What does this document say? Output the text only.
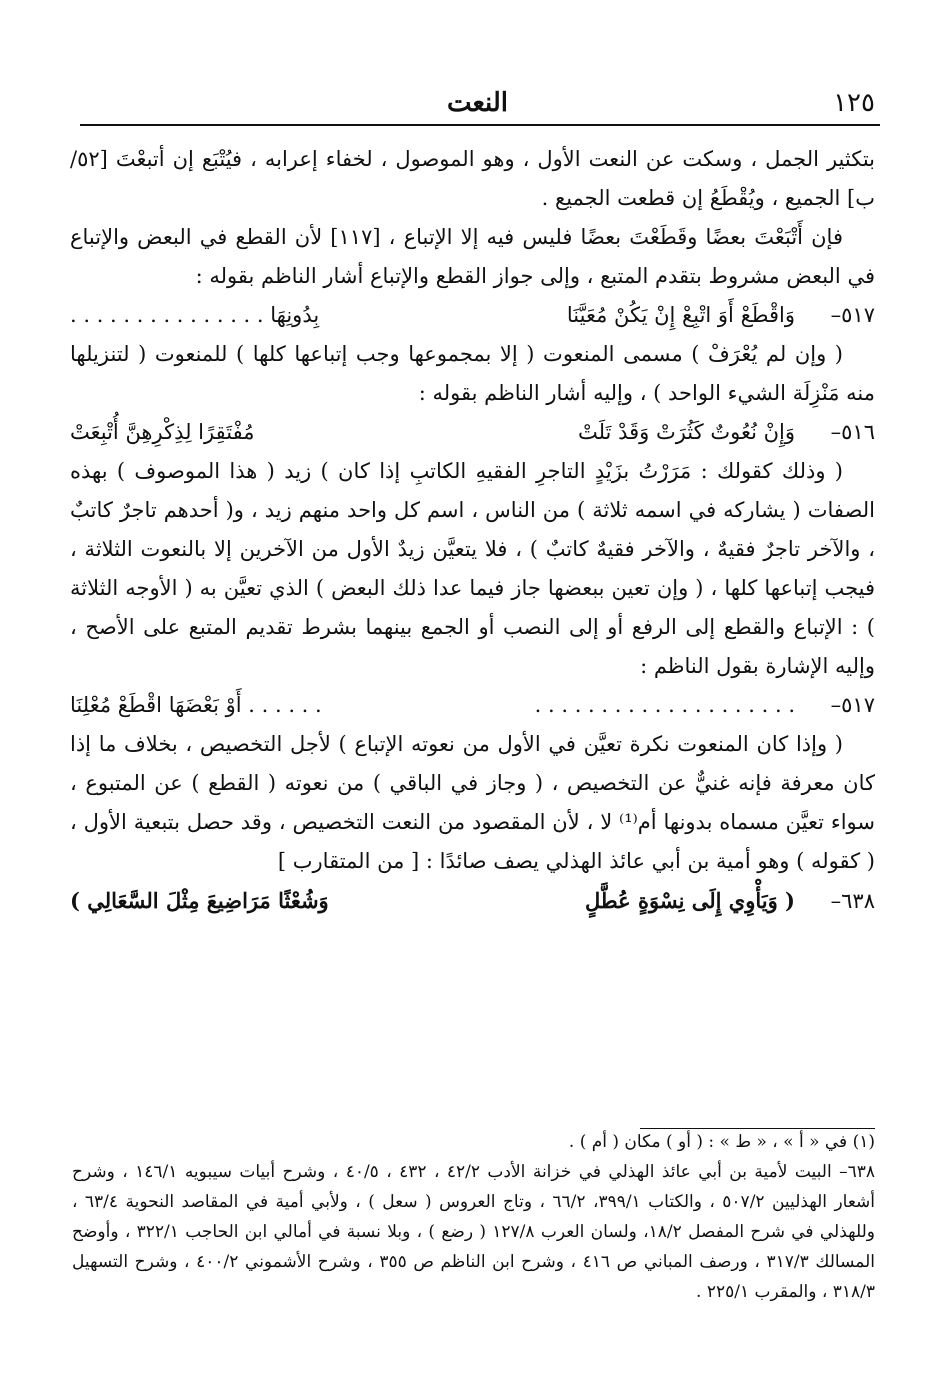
١٢٥
النعت

بتكثير الجمل ، وسكت عن النعت الأول ، وهو الموصول ، لخفاء إعرابه ، فيُتْبَع إن أتبعْتَ [٥٢/ب] الجميع ، ويُقْطَعُ إن قطعت الجميع .

فإن أَتْبَعْتَ بعضًا وقَطَعْتَ بعضًا فليس فيه إلا الإتباع ، [١١٧] لأن القطع في البعض والإتباع في البعض مشروط بتقدم المتبع ، وإلى جواز القطع والإتباع أشار الناظم بقوله :

٥١٧–
وَاقْطَعْ أَوَ اتْبِعْ إِنْ يَكُنْ مُعَيَّنَا
بِدُونِهَا . . . . . . . . . . . . . . .

( وإن لم يُعْرَفْ ) مسمى المنعوت ( إلا بمجموعها وجب إتباعها كلها ) للمنعوت ( لتنزيلها منه مَنْزِلَة الشيء الواحد ) ، وإليه أشار الناظم بقوله :

٥١٦–
وَإِنْ نُعُوتٌ كَثُرَتْ وَقَدْ تَلَتْ
مُفْتَقِرًا لِذِكْرِهِنَّ أُتْبِعَتْ

( وذلك كقولك : مَرَرْتُ بزَيْدٍ التاجرِ الفقيهِ الكاتبِ إذا كان ) زيد ( هذا الموصوف ) بهذه الصفات ( يشاركه في اسمه ثلاثة ) من الناس ، اسم كل واحد منهم زيد ، و( أحدهم تاجرٌ كاتبٌ ، والآخر تاجرٌ فقيهٌ ، والآخر فقيهٌ كاتبٌ ) ، فلا يتعيَّن زيدٌ الأول من الآخرين إلا بالنعوت الثلاثة ، فيجب إتباعها كلها ، ( وإن تعين ببعضها جاز فيما عدا ذلك البعض ) الذي تعيَّن به ( الأوجه الثلاثة ) : الإتباع والقطع إلى الرفع أو إلى النصب أو الجمع بينهما بشرط تقديم المتبع على الأصح ، وإليه الإشارة بقول الناظم :

٥١٧–
. . . . . . . . . . . . . . . . . . . .
. . . . . . أَوْ بَعْضَهَا اقْطَعْ مُعْلِنَا

( وإذا كان المنعوت نكرة تعيَّن في الأول من نعوته الإتباع ) لأجل التخصيص ، بخلاف ما إذا كان معرفة فإنه غنيٌّ عن التخصيص ، ( وجاز في الباقي ) من نعوته ( القطع ) عن المتبوع ، سواء تعيَّن مسماه بدونها أم⁽¹⁾ لا ، لأن المقصود من النعت التخصيص ، وقد حصل بتبعية الأول ، ( كقوله ) وهو أمية بن أبي عائذ الهذلي يصف صائدًا : [ من المتقارب ]

٦٣٨–
( وَيَأْوِي إِلَى نِسْوَةٍ عُطَّلٍ
وَشُعْثًا مَرَاضِيعَ مِثْلَ السَّعَالِي )

(١) في « أ » ، « ط » : ( أو ) مكان ( أم ) .

٦٣٨– البيت لأمية بن أبي عائذ الهذلي في خزانة الأدب ٤٢/٢ ، ٤٣٢ ، ٤٠/٥ ، وشرح أبيات سيبويه ١٤٦/١ ، وشرح أشعار الهذليين ٥٠٧/٢ ، والكتاب ٣٩٩/١، ٦٦/٢ ، وتاج العروس ( سعل ) ، ولأبي أمية في المقاصد النحوية ٦٣/٤ ، وللهذلي في شرح المفصل ١٨/٢، ولسان العرب ١٢٧/٨ ( رضع ) ، وبلا نسبة في أمالي ابن الحاجب ٣٢٢/١ ، وأوضح المسالك ٣١٧/٣ ، ورصف المباني ص ٤١٦ ، وشرح ابن الناظم ص ٣٥٥ ، وشرح الأشموني ٤٠٠/٢ ، وشرح التسهيل ٣١٨/٣ ، والمقرب ٢٢٥/١ .
